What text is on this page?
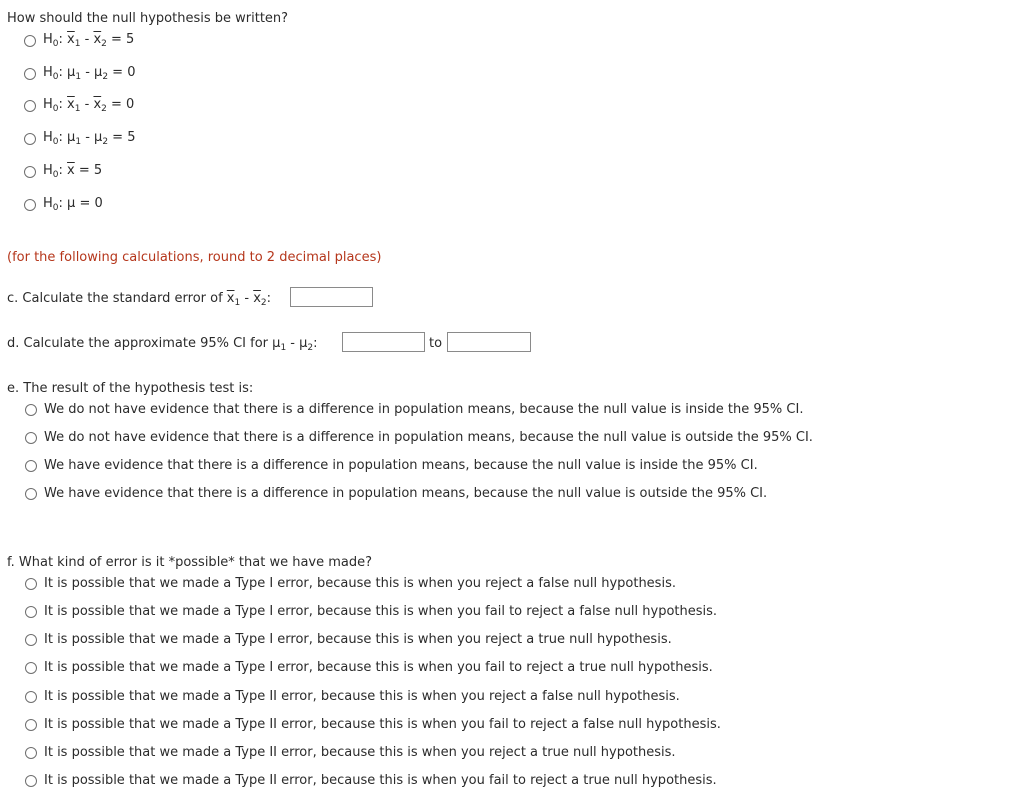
How should the null hypothesis be written?
$H_0$: $\overline{x}_1 - \overline{x}_2 = 5$
$H_0$: $\mu_1 - \mu_2 = 0$
$H_0$: $\overline{x}_1 - \overline{x}_2 = 0$
$H_0$: $\mu_1 - \mu_2 = 5$
$H_0$: $\overline{x} = 5$
$H_0$: μ = 0
(for the following calculations, round to 2 decimal places)
c. Calculate the standard error of $\overline{x}_1 - \overline{x}_2$:
d. Calculate the approximate 95% CI for $\mu_1 - \mu_2$:	to
e. The result of the hypothesis test is:
We do not have evidence that there is a difference in population means, because the null value is inside the 95% CI.
We do not have evidence that there is a difference in population means, because the null value is outside the 95% CI.
We have evidence that there is a difference in population means, because the null value is inside the 95% CI.
We have evidence that there is a difference in population means, because the null value is outside the 95% CI.
f. What kind of error is it *possible* that we have made?
It is possible that we made a Type I error, because this is when you reject a false null hypothesis.
It is possible that we made a Type I error, because this is when you fail to reject a false null hypothesis.
It is possible that we made a Type I error, because this is when you reject a true null hypothesis.
It is possible that we made a Type I error, because this is when you fail to reject a true null hypothesis.
It is possible that we made a Type II error, because this is when you reject a false null hypothesis.
It is possible that we made a Type II error, because this is when you fail to reject a false null hypothesis.
It is possible that we made a Type II error, because this is when you reject a true null hypothesis.
It is possible that we made a Type II error, because this is when you fail to reject a true null hypothesis.
